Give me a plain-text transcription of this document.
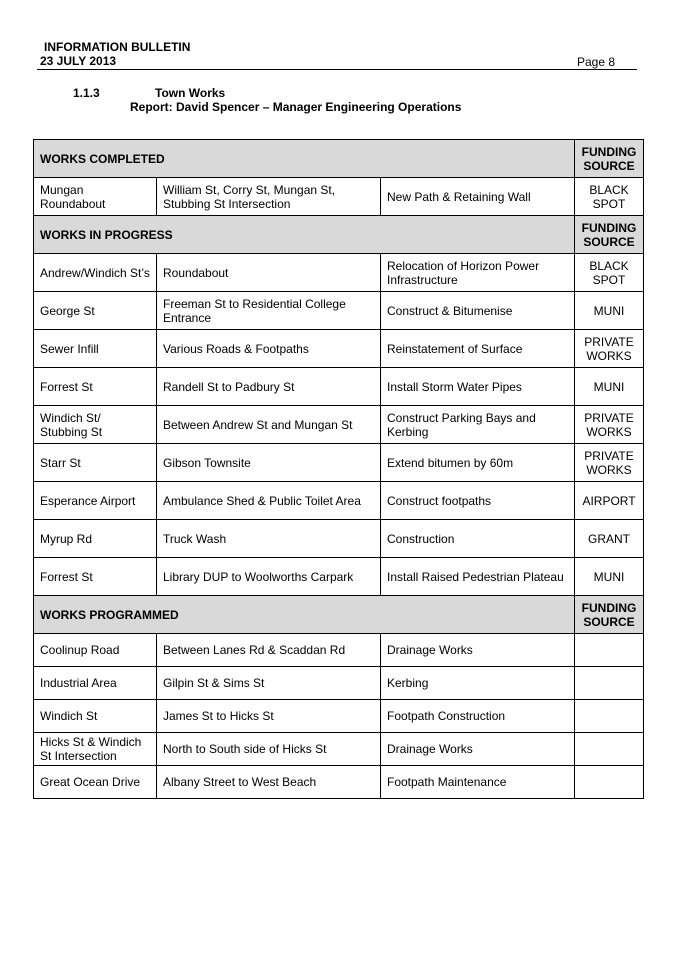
INFORMATION BULLETIN
23 JULY 2013	Page 8
1.1.3	Town Works
Report: David Spencer – Manager Engineering Operations
WORKS COMPLETED			FUNDING SOURCE
Mungan Roundabout	William St, Corry St, Mungan St, Stubbing St Intersection	New Path & Retaining Wall	BLACK SPOT
WORKS IN PROGRESS			FUNDING SOURCE
Andrew/Windich St’s	Roundabout	Relocation of Horizon Power Infrastructure	BLACK SPOT
George St	Freeman St to Residential College Entrance	Construct & Bitumenise	MUNI
Sewer Infill	Various Roads & Footpaths	Reinstatement of Surface	PRIVATE WORKS
Forrest St	Randell St to Padbury St	Install Storm Water Pipes	MUNI
Windich St/ Stubbing St	Between Andrew St and Mungan St	Construct Parking Bays and Kerbing	PRIVATE WORKS
Starr St	Gibson Townsite	Extend bitumen by 60m	PRIVATE WORKS
Esperance Airport	Ambulance Shed & Public Toilet Area	Construct footpaths	AIRPORT
Myrup Rd	Truck Wash	Construction	GRANT
Forrest St	Library DUP to Woolworths Carpark	Install Raised Pedestrian Plateau	MUNI
WORKS PROGRAMMED			FUNDING SOURCE
Coolinup Road	Between Lanes Rd & Scaddan Rd	Drainage Works	
Industrial Area	Gilpin St & Sims St	Kerbing	
Windich St	James St to Hicks St	Footpath Construction	
Hicks St & Windich St Intersection	North to South side of Hicks St	Drainage Works	
Great Ocean Drive	Albany Street to West Beach	Footpath Maintenance	
